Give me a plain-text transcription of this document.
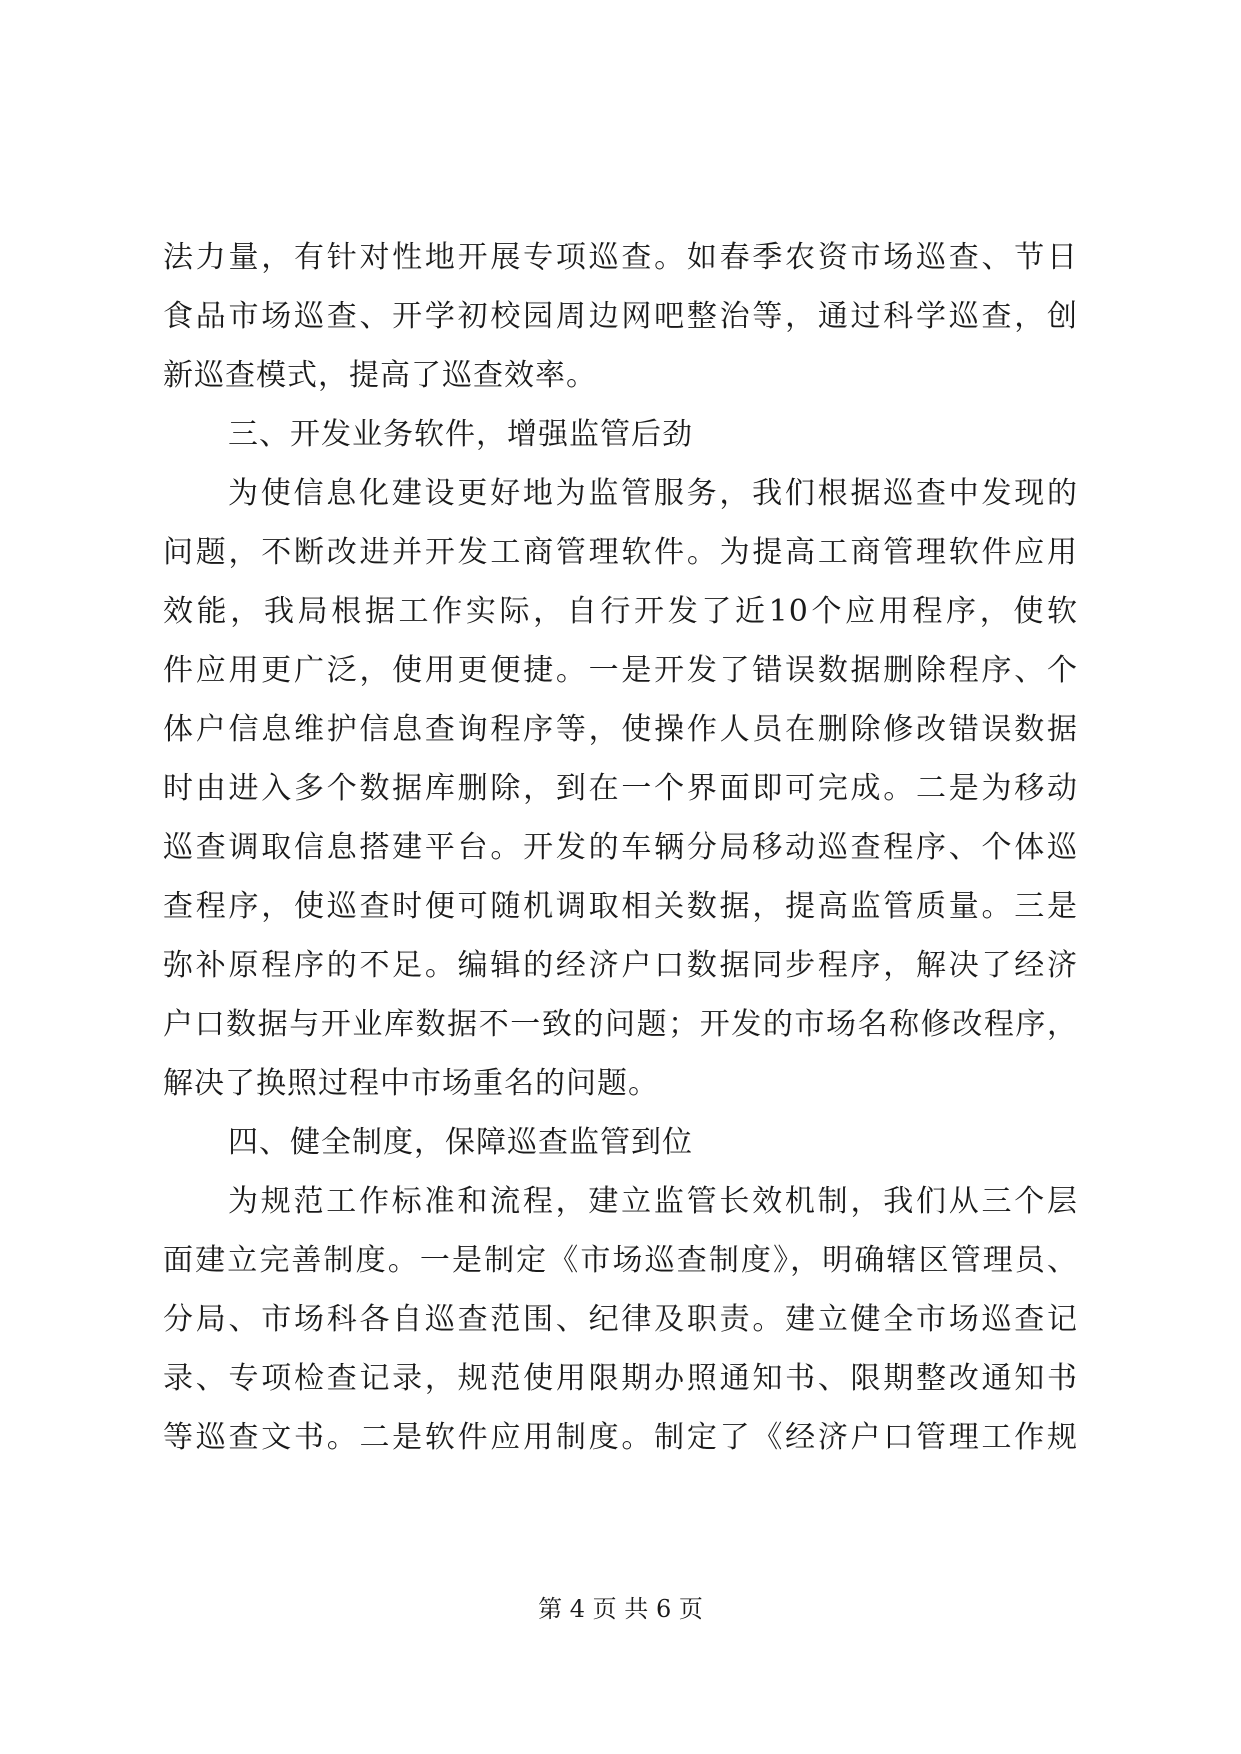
法力量，有针对性地开展专项巡查。如春季农资市场巡查、节日
食品市场巡查、开学初校园周边网吧整治等，通过科学巡查，创
新巡查模式，提高了巡查效率。
三、开发业务软件，增强监管后劲
为使信息化建设更好地为监管服务，我们根据巡查中发现的
问题，不断改进并开发工商管理软件。为提高工商管理软件应用
效能，我局根据工作实际，自行开发了近10个应用程序，使软
件应用更广泛，使用更便捷。一是开发了错误数据删除程序、个
体户信息维护信息查询程序等，使操作人员在删除修改错误数据
时由进入多个数据库删除，到在一个界面即可完成。二是为移动
巡查调取信息搭建平台。开发的车辆分局移动巡查程序、个体巡
查程序，使巡查时便可随机调取相关数据，提高监管质量。三是
弥补原程序的不足。编辑的经济户口数据同步程序，解决了经济
户口数据与开业库数据不一致的问题；开发的市场名称修改程序，
解决了换照过程中市场重名的问题。
四、健全制度，保障巡查监管到位
为规范工作标准和流程，建立监管长效机制，我们从三个层
面建立完善制度。一是制定《市场巡查制度》，明确辖区管理员、
分局、市场科各自巡查范围、纪律及职责。建立健全市场巡查记
录、专项检查记录，规范使用限期办照通知书、限期整改通知书
等巡查文书。二是软件应用制度。制定了《经济户口管理工作规
第 4 页 共 6 页
